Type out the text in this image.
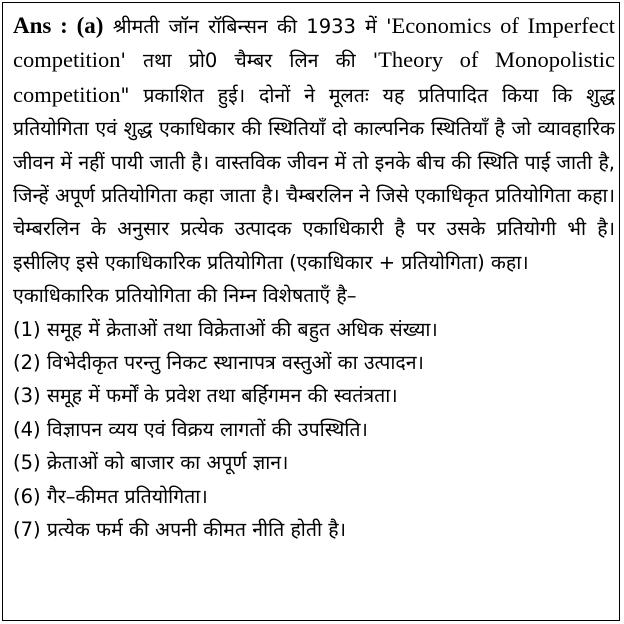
Ans : (a) श्रीमती जॉन रॉबिन्सन की 1933 में 'Economics of Imperfect competition' तथा प्रो0 चैम्बर लिन की 'Theory of Monopolistic competition" प्रकाशित हुई। दोनों ने मूलतः यह प्रतिपादित किया कि शुद्ध प्रतियोगिता एवं शुद्ध एकाधिकार की स्थितियाँ दो काल्पनिक स्थितियाँ है जो व्यावहारिक जीवन में नहीं पायी जाती है। वास्तविक जीवन में तो इनके बीच की स्थिति पाई जाती है, जिन्हें अपूर्ण प्रतियोगिता कहा जाता है। चैम्बरलिन ने जिसे एकाधिकृत प्रतियोगिता कहा। चेम्बरलिन के अनुसार प्रत्येक उत्पादक एकाधिकारी है पर उसके प्रतियोगी भी है। इसीलिए इसे एकाधिकारिक प्रतियोगिता (एकाधिकार + प्रतियोगिता) कहा।
एकाधिकारिक प्रतियोगिता की निम्न विशेषताएँ है–
(1) समूह में क्रेताओं तथा विक्रेताओं की बहुत अधिक संख्या।
(2) विभेदीकृत परन्तु निकट स्थानापत्र वस्तुओं का उत्पादन।
(3) समूह में फर्मों के प्रवेश तथा बर्हिगमन की स्वतंत्रता।
(4) विज्ञापन व्यय एवं विक्रय लागतों की उपस्थिति।
(5) क्रेताओं को बाजार का अपूर्ण ज्ञान।
(6) गैर–कीमत प्रतियोगिता।
(7) प्रत्येक फर्म की अपनी कीमत नीति होती है।
